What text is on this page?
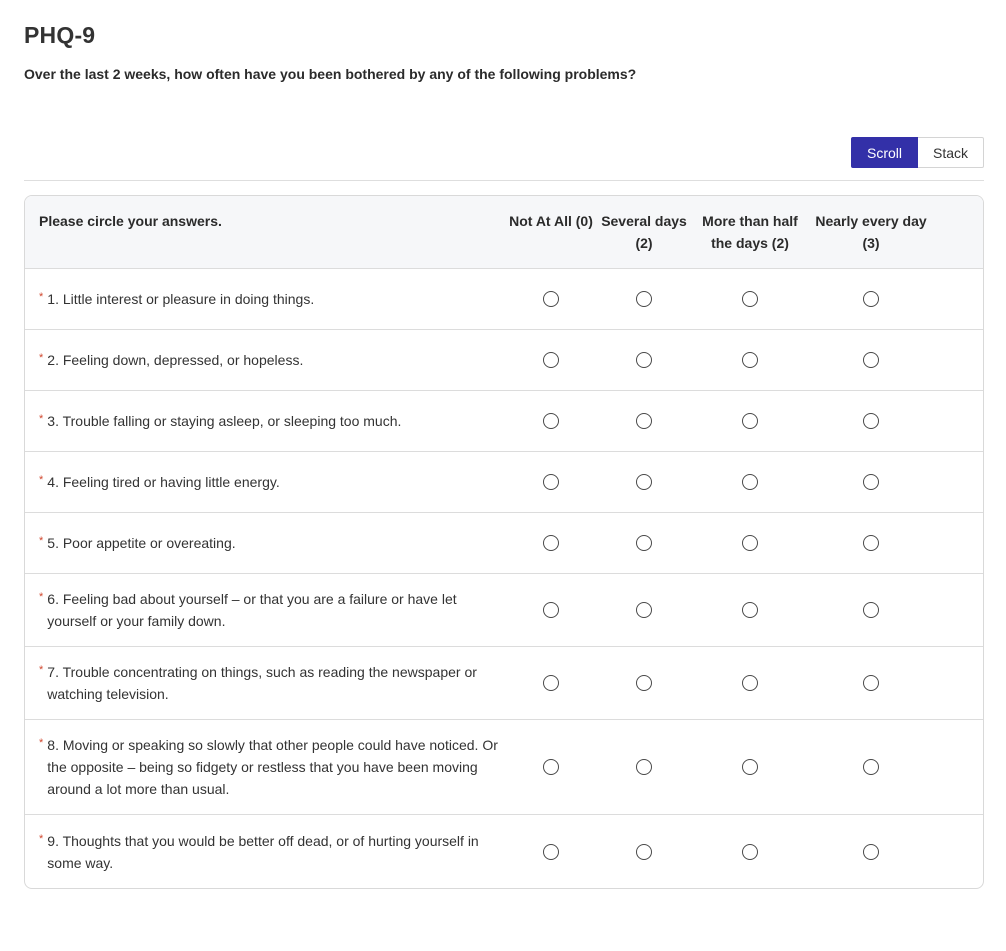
PHQ-9
Over the last 2 weeks, how often have you been bothered by any of the following problems?
Scroll	Stack
Please circle your answers.	Not At All (0) Several days (2)
More than half the days (2)
Nearly every day (3)
* 1. Little interest or pleasure in doing things.
* 2. Feeling down, depressed, or hopeless.
* 3. Trouble falling or staying asleep, or sleeping too much.
* 4. Feeling tired or having little energy.
* 5. Poor appetite or overeating.
* 6. Feeling bad about yourself – or that you are a failure or have let yourself or your family down.
* 7. Trouble concentrating on things, such as reading the newspaper or watching television.
* 8. Moving or speaking so slowly that other people could have noticed. Or the opposite – being so fidgety or restless that you have been moving around a lot more than usual.
* 9. Thoughts that you would be better off dead, or of hurting yourself in some way.
